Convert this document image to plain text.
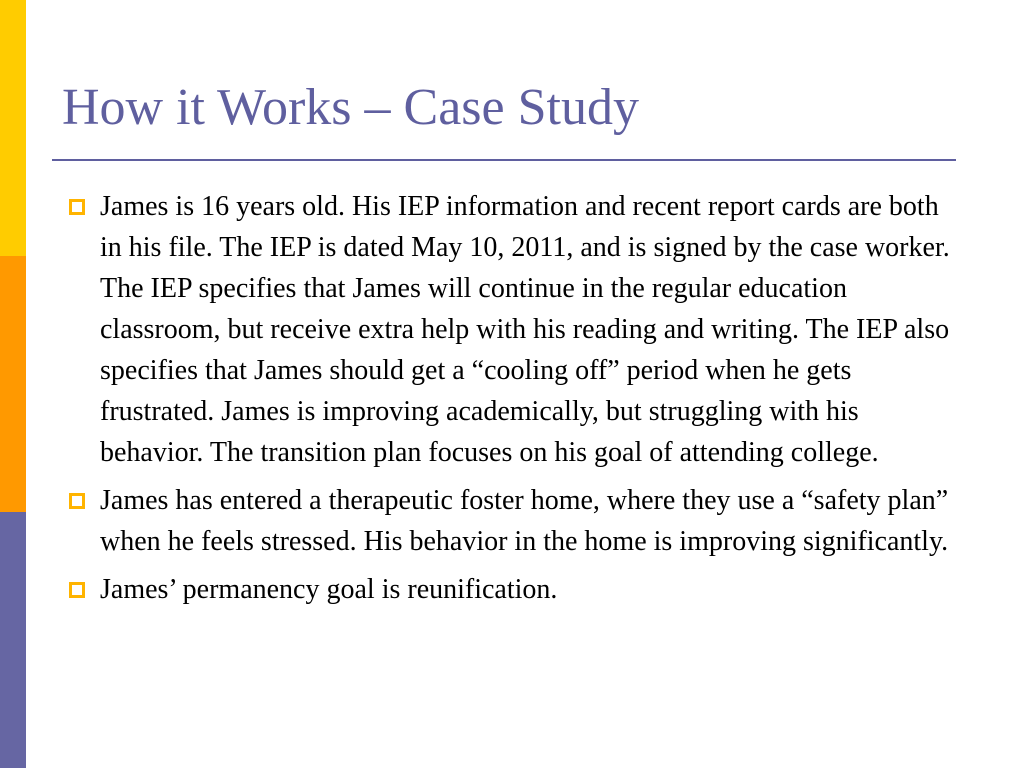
How it Works – Case Study
James is 16 years old. His IEP information and recent report cards are both in his file. The IEP is dated May 10, 2011, and is signed by the case worker. The IEP specifies that James will continue in the regular education classroom, but receive extra help with his reading and writing. The IEP also specifies that James should get a “cooling off” period when he gets frustrated. James is improving academically, but struggling with his behavior. The transition plan focuses on his goal of attending college.
James has entered a therapeutic foster home, where they use a “safety plan” when he feels stressed. His behavior in the home is improving significantly.
James’ permanency goal is reunification.
